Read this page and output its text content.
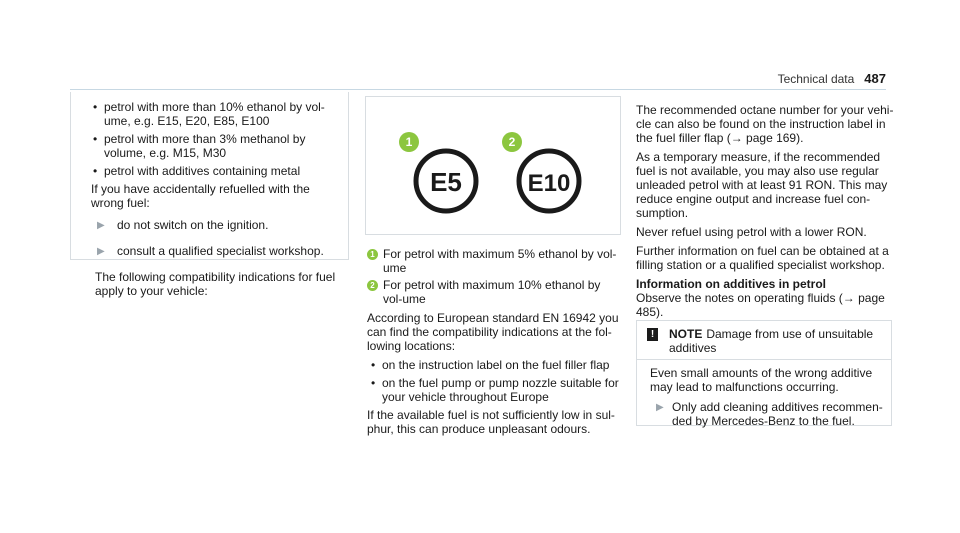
Technical data 487
• petrol with more than 10% ethanol by vol-ume, e.g. E15, E20, E85, E100
• petrol with more than 3% methanol by volume, e.g. M15, M30
• petrol with additives containing metal

If you have accidentally refuelled with the wrong fuel:

▶ do not switch on the ignition.
▶ consult a qualified specialist workshop.

The following compatibility indications for fuel apply to your vehicle:

1	2
E5	E10
1 For petrol with maximum 5% ethanol by vol-ume
2 For petrol with maximum 10% ethanol by vol-ume

According to European standard EN 16942 you can find the compatibility indications at the fol-lowing locations:

• on the instruction label on the fuel filler flap
• on the fuel pump or pump nozzle suitable for your vehicle throughout Europe

If the available fuel is not sufficiently low in sul-phur, this can produce unpleasant odours.

The recommended octane number for your vehi-cle can also be found on the instruction label in the fuel filler flap (→ page 169).

As a temporary measure, if the recommended fuel is not available, you may also use regular unleaded petrol with at least 91 RON. This may reduce engine output and increase fuel con-sumption.

Never refuel using petrol with a lower RON.

Further information on fuel can be obtained at a filling station or a qualified specialist workshop.

Information on additives in petrol

Observe the notes on operating fluids (→ page 485).

!	NOTE Damage from use of unsuitable additives

Even small amounts of the wrong additive may lead to malfunctions occurring.

▶ Only add cleaning additives recommen-ded by Mercedes-Benz to the fuel.
